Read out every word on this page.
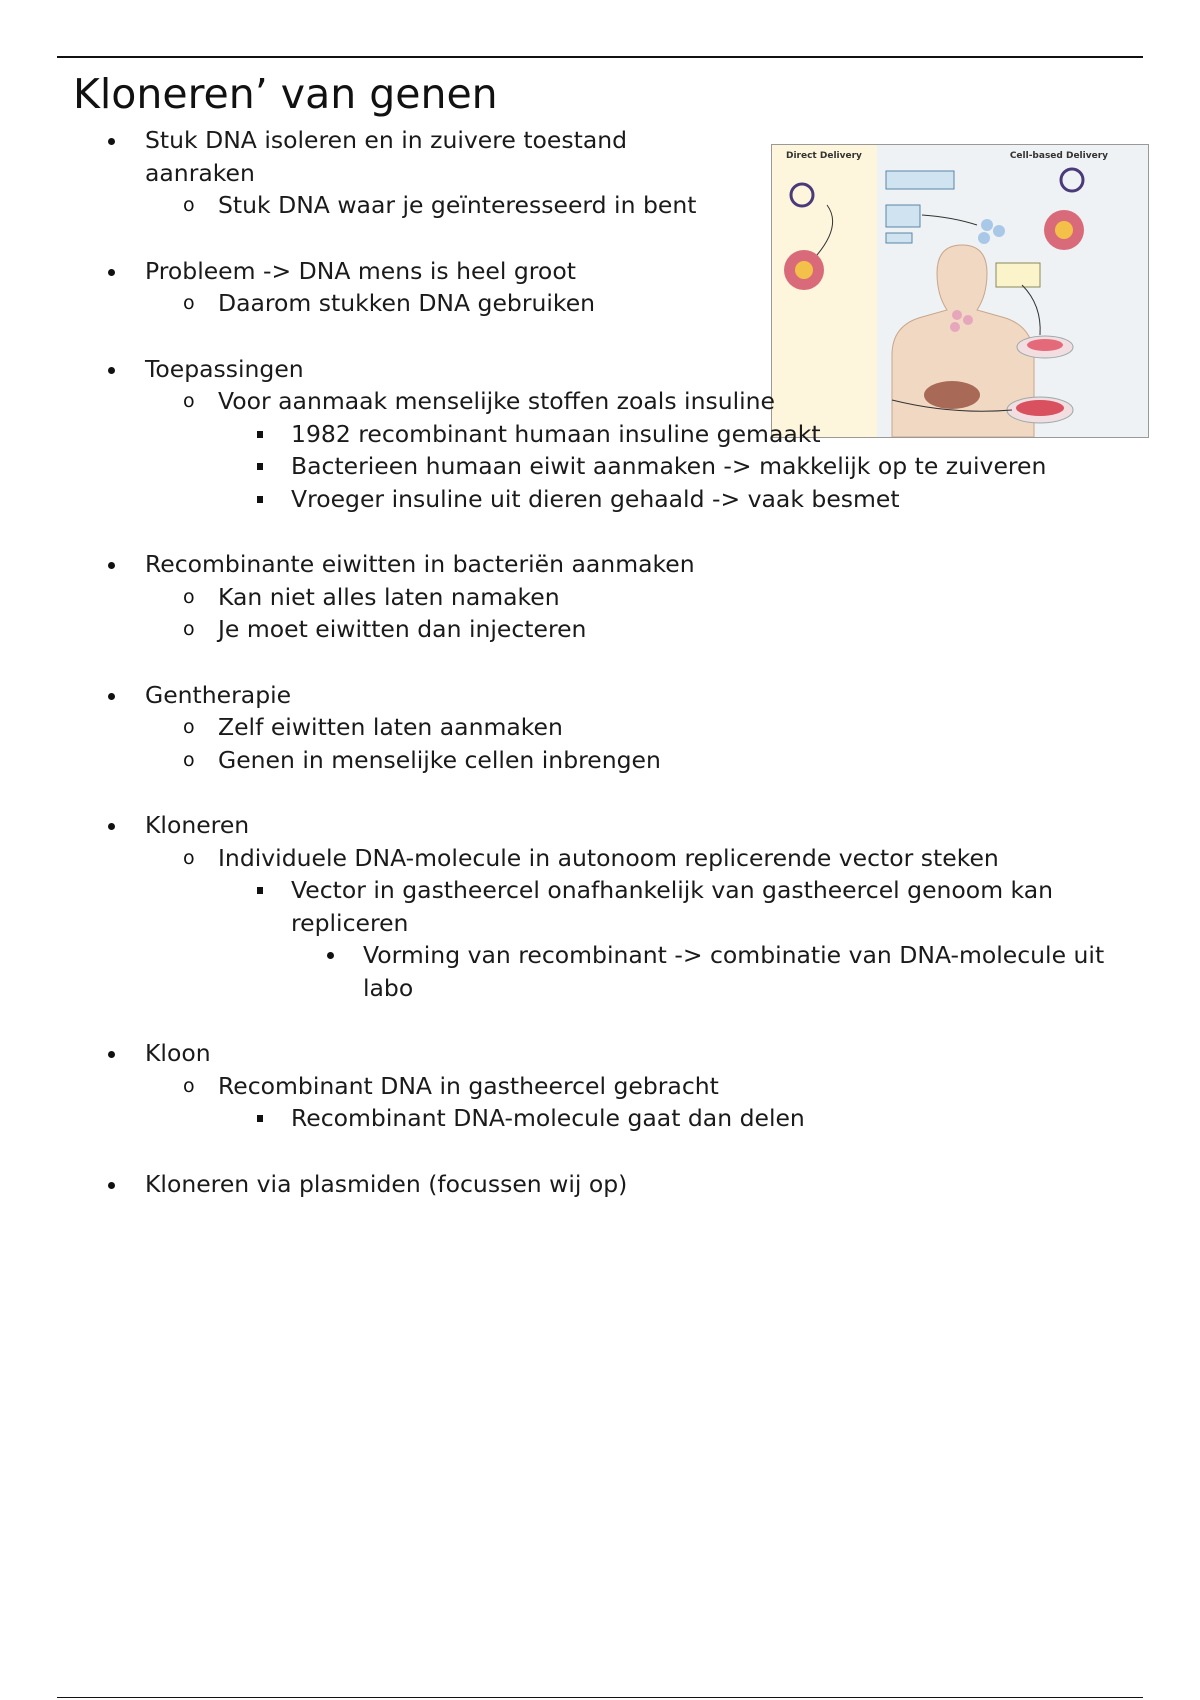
Kloneren’ van genen
Direct Delivery	Cell-based Delivery
Stuk DNA isoleren en in zuivere toestand aanraken
o Stuk DNA waar je geïnteresseerd in bent
Probleem -> DNA mens is heel groot
o Daarom stukken DNA gebruiken
Toepassingen
o Voor aanmaak menselijke stoffen zoals insuline
1982 recombinant humaan insuline gemaakt
Bacterieen humaan eiwit aanmaken -> makkelijk op te zuiveren
Vroeger insuline uit dieren gehaald -> vaak besmet
Recombinante eiwitten in bacteriën aanmaken
o Kan niet alles laten namaken
o Je moet eiwitten dan injecteren
Gentherapie
o Zelf eiwitten laten aanmaken
o Genen in menselijke cellen inbrengen
Kloneren
o Individuele DNA-molecule in autonoom replicerende vector steken
Vector in gastheercel onafhankelijk van gastheercel genoom kan repliceren
Vorming van recombinant -> combinatie van DNA-molecule uit labo
Kloon
o Recombinant DNA in gastheercel gebracht
Recombinant DNA-molecule gaat dan delen
Kloneren via plasmiden (focussen wij op)
